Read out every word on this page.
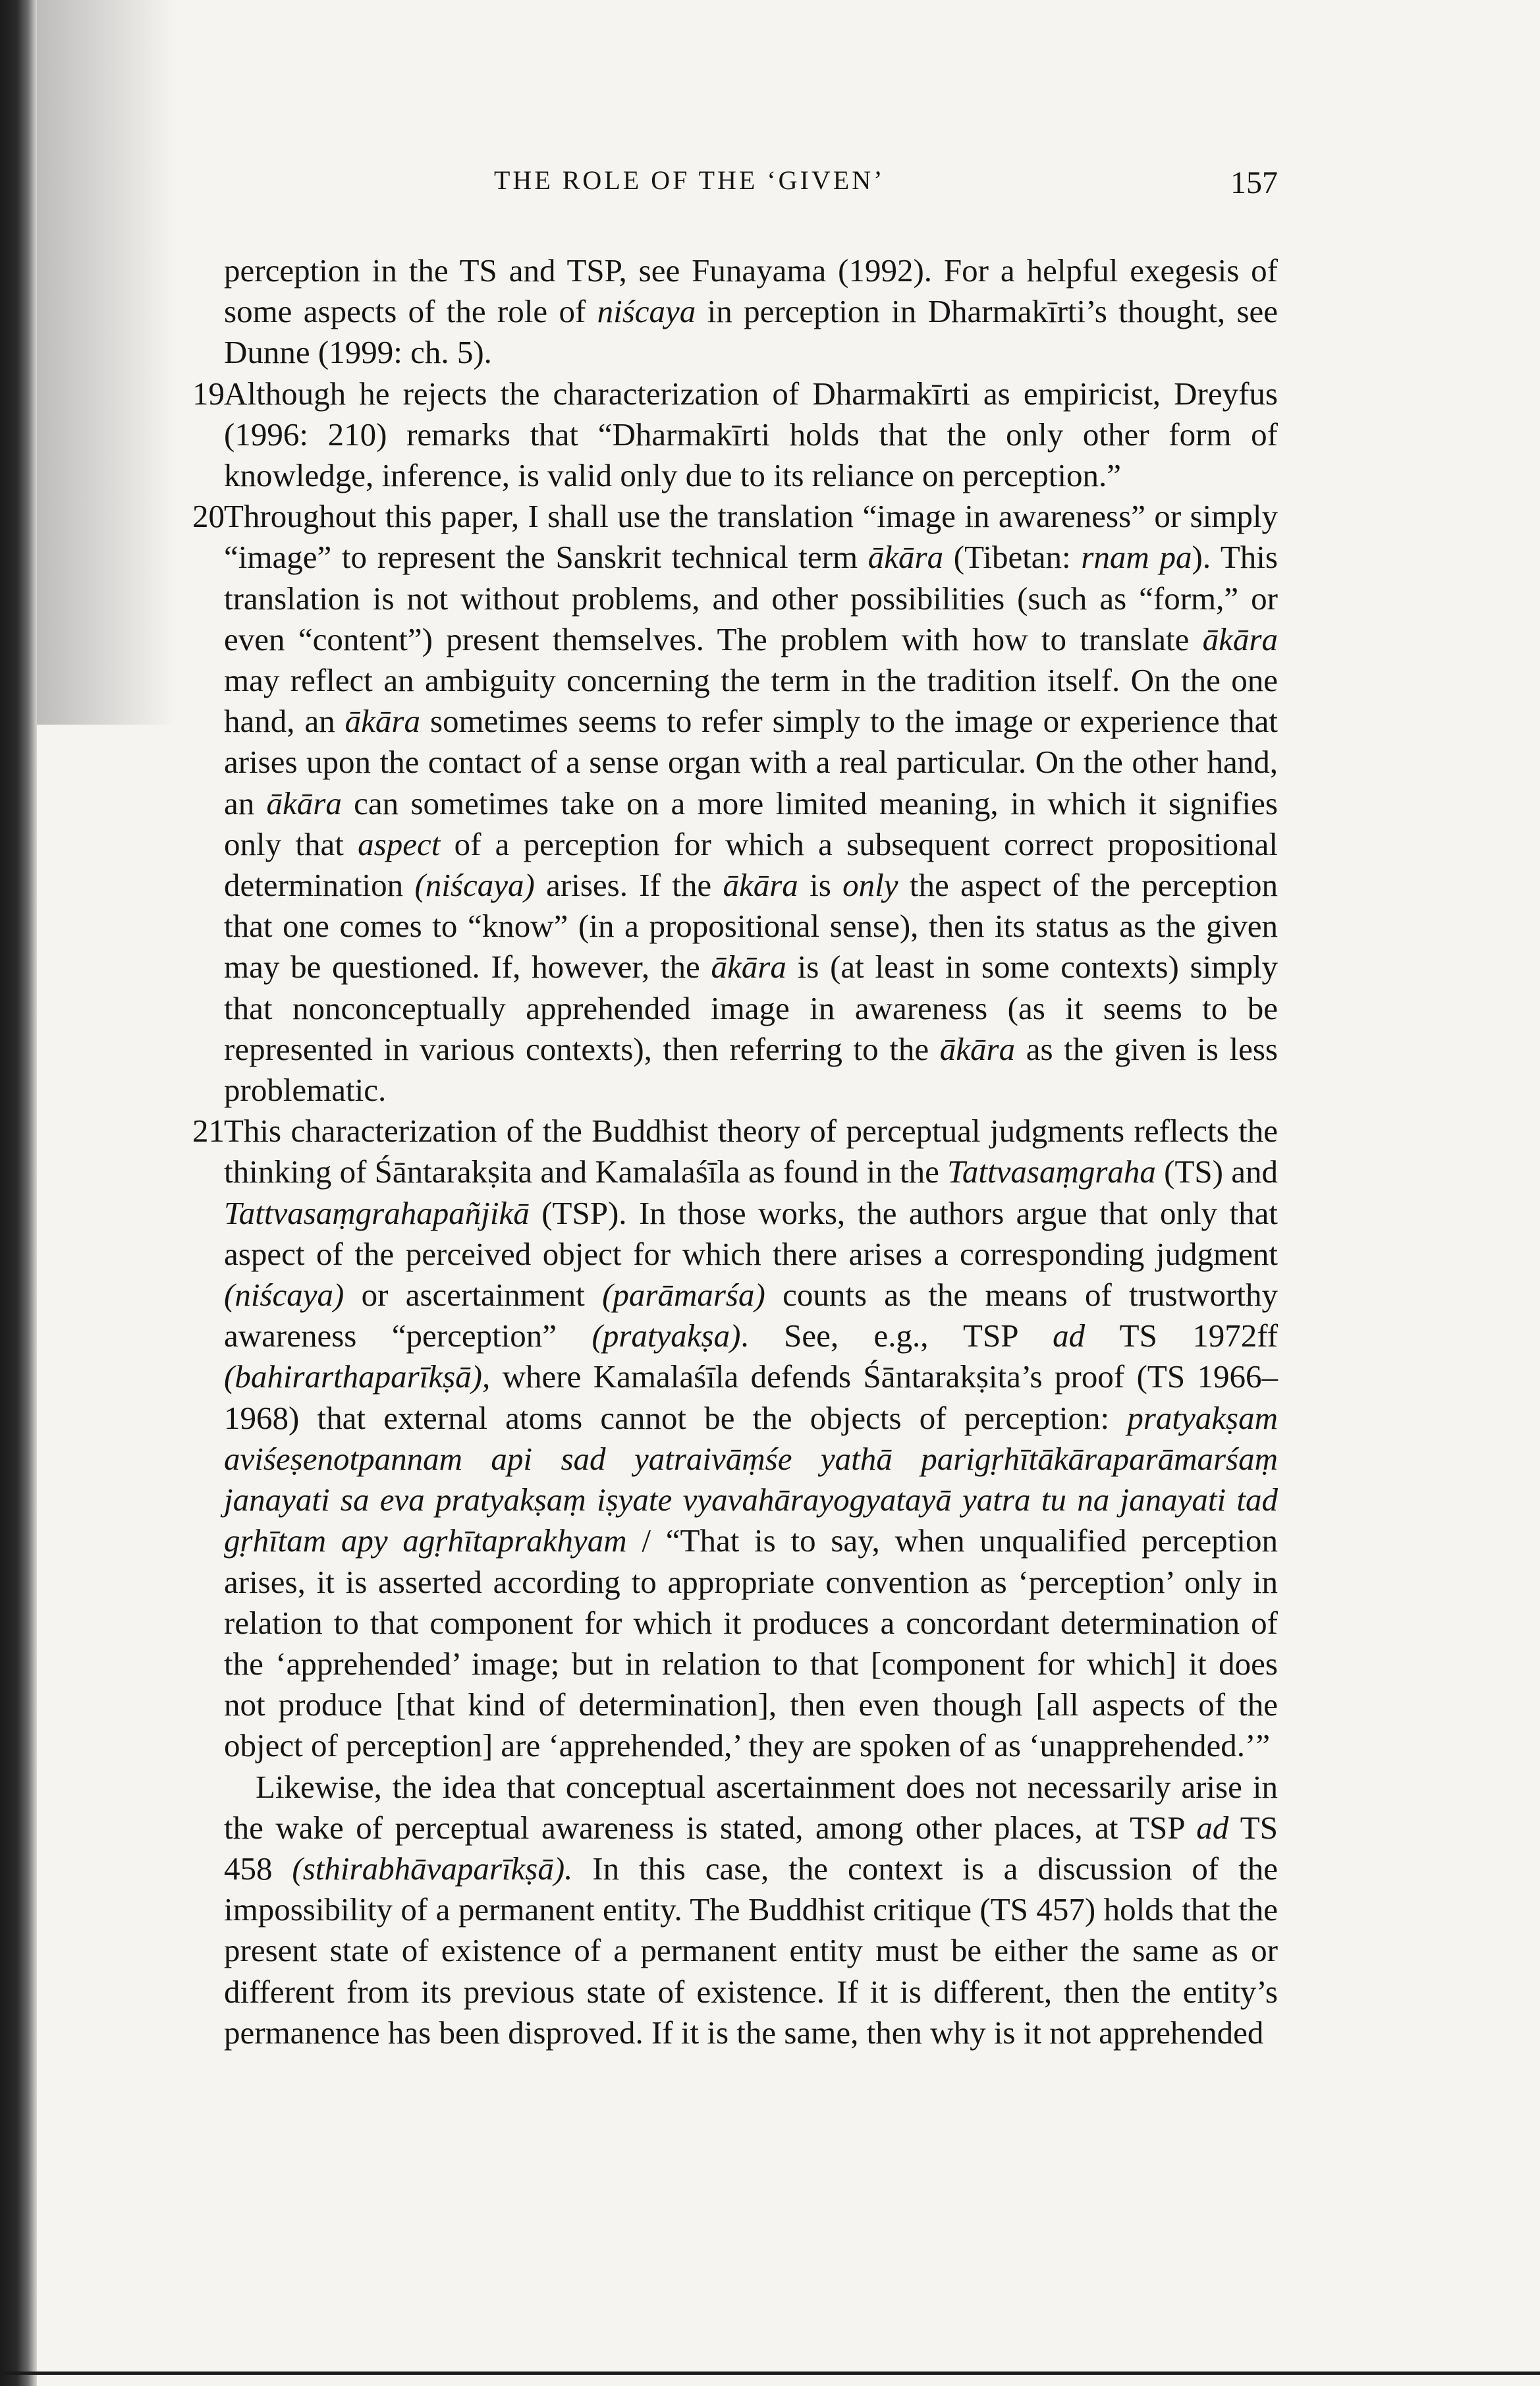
THE ROLE OF THE ‘GIVEN’	157

perception in the TS and TSP, see Funayama (1992). For a helpful exegesis of some aspects of the role of niścaya in perception in Dharmakīrti’s thought, see Dunne (1999: ch. 5).

19 Although he rejects the characterization of Dharmakīrti as empiricist, Dreyfus (1996: 210) remarks that “Dharmakīrti holds that the only other form of knowledge, inference, is valid only due to its reliance on perception.”
20 Throughout this paper, I shall use the translation “image in awareness” or simply “image” to represent the Sanskrit technical term ākāra (Tibetan: rnam pa). This translation is not without problems, and other possibilities (such as “form,” or even “content”) present themselves. The problem with how to translate ākāra may reflect an ambiguity concerning the term in the tradition itself. On the one hand, an ākāra sometimes seems to refer simply to the image or experience that arises upon the contact of a sense organ with a real particular. On the other hand, an ākāra can sometimes take on a more limited meaning, in which it signifies only that aspect of a perception for which a subsequent correct propositional determination (niścaya) arises. If the ākāra is only the aspect of the perception that one comes to “know” (in a propositional sense), then its status as the given may be questioned. If, however, the ākāra is (at least in some contexts) simply that nonconceptually apprehended image in awareness (as it seems to be represented in various contexts), then referring to the ākāra as the given is less problematic.
21 This characterization of the Buddhist theory of perceptual judgments reflects the thinking of Śāntarakṣita and Kamalaśīla as found in the Tattvasaṃgraha (TS) and Tattvasaṃgrahapañjikā (TSP). In those works, the authors argue that only that aspect of the perceived object for which there arises a corresponding judgment (niścaya) or ascertainment (parāmarśa) counts as the means of trustworthy awareness “perception” (pratyakṣa). See, e.g., TSP ad TS 1972ff (bahirarthaparīkṣā), where Kamalaśīla defends Śāntarakṣita’s proof (TS 1966–1968) that external atoms cannot be the objects of perception: pratyakṣam aviśeṣenotpannam api sad yatraivāṃśe yathā parigṛhītākāraparāmarśaṃ janayati sa eva pratyakṣaṃ iṣyate vyavahārayogyatayā yatra tu na janayati tad gṛhītam apy agṛhītaprakhyam / “That is to say, when unqualified perception arises, it is asserted according to appropriate convention as ‘perception’ only in relation to that component for which it produces a concordant determination of the ‘apprehended’ image; but in relation to that [component for which] it does not produce [that kind of determination], then even though [all aspects of the object of perception] are ‘apprehended,’ they are spoken of as ‘unapprehended.’”

Likewise, the idea that conceptual ascertainment does not necessarily arise in the wake of perceptual awareness is stated, among other places, at TSP ad TS 458 (sthirabhāvaparīkṣā). In this case, the context is a discussion of the impossibility of a permanent entity. The Buddhist critique (TS 457) holds that the present state of existence of a permanent entity must be either the same as or different from its previous state of existence. If it is different, then the entity’s permanence has been disproved. If it is the same, then why is it not apprehended
